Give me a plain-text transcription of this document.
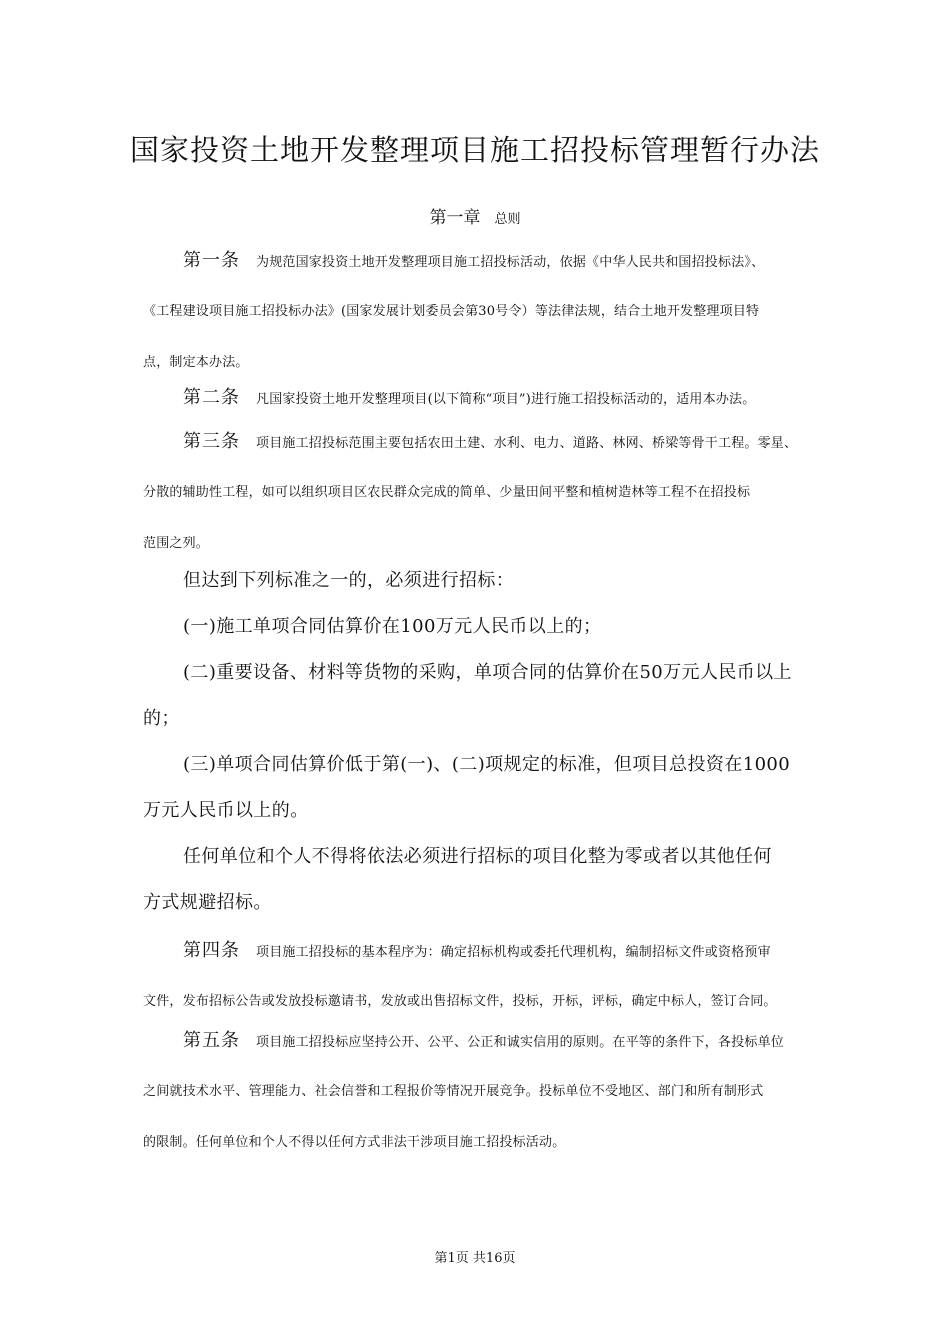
国家投资土地开发整理项目施工招投标管理暂行办法
第一章 总则
第一条 为规范国家投资土地开发整理项目施工招投标活动，依据《中华人民共和国招投标法》、
《工程建设项目施工招投标办法》(国家发展计划委员会第30号令）等法律法规，结合土地开发整理项目特
点，制定本办法。
第二条 凡国家投资土地开发整理项目(以下简称“项目”)进行施工招投标活动的，适用本办法。
第三条 项目施工招投标范围主要包括农田土建、水利、电力、道路、林网、桥梁等骨干工程。零星、
分散的辅助性工程，如可以组织项目区农民群众完成的简单、少量田间平整和植树造林等工程不在招投标
范围之列。
但达到下列标准之一的，必须进行招标：
(一)施工单项合同估算价在100万元人民币以上的；
(二)重要设备、材料等货物的采购，单项合同的估算价在50万元人民币以上
的；
(三)单项合同估算价低于第(一)、(二)项规定的标准，但项目总投资在1000
万元人民币以上的。
任何单位和个人不得将依法必须进行招标的项目化整为零或者以其他任何
方式规避招标。
第四条 项目施工招投标的基本程序为：确定招标机构或委托代理机构，编制招标文件或资格预审
文件，发布招标公告或发放投标邀请书，发放或出售招标文件，投标，开标，评标，确定中标人，签订合同。
第五条 项目施工招投标应坚持公开、公平、公正和诚实信用的原则。在平等的条件下，各投标单位
之间就技术水平、管理能力、社会信誉和工程报价等情况开展竞争。投标单位不受地区、部门和所有制形式
的限制。任何单位和个人不得以任何方式非法干涉项目施工招投标活动。
第1页 共16页
